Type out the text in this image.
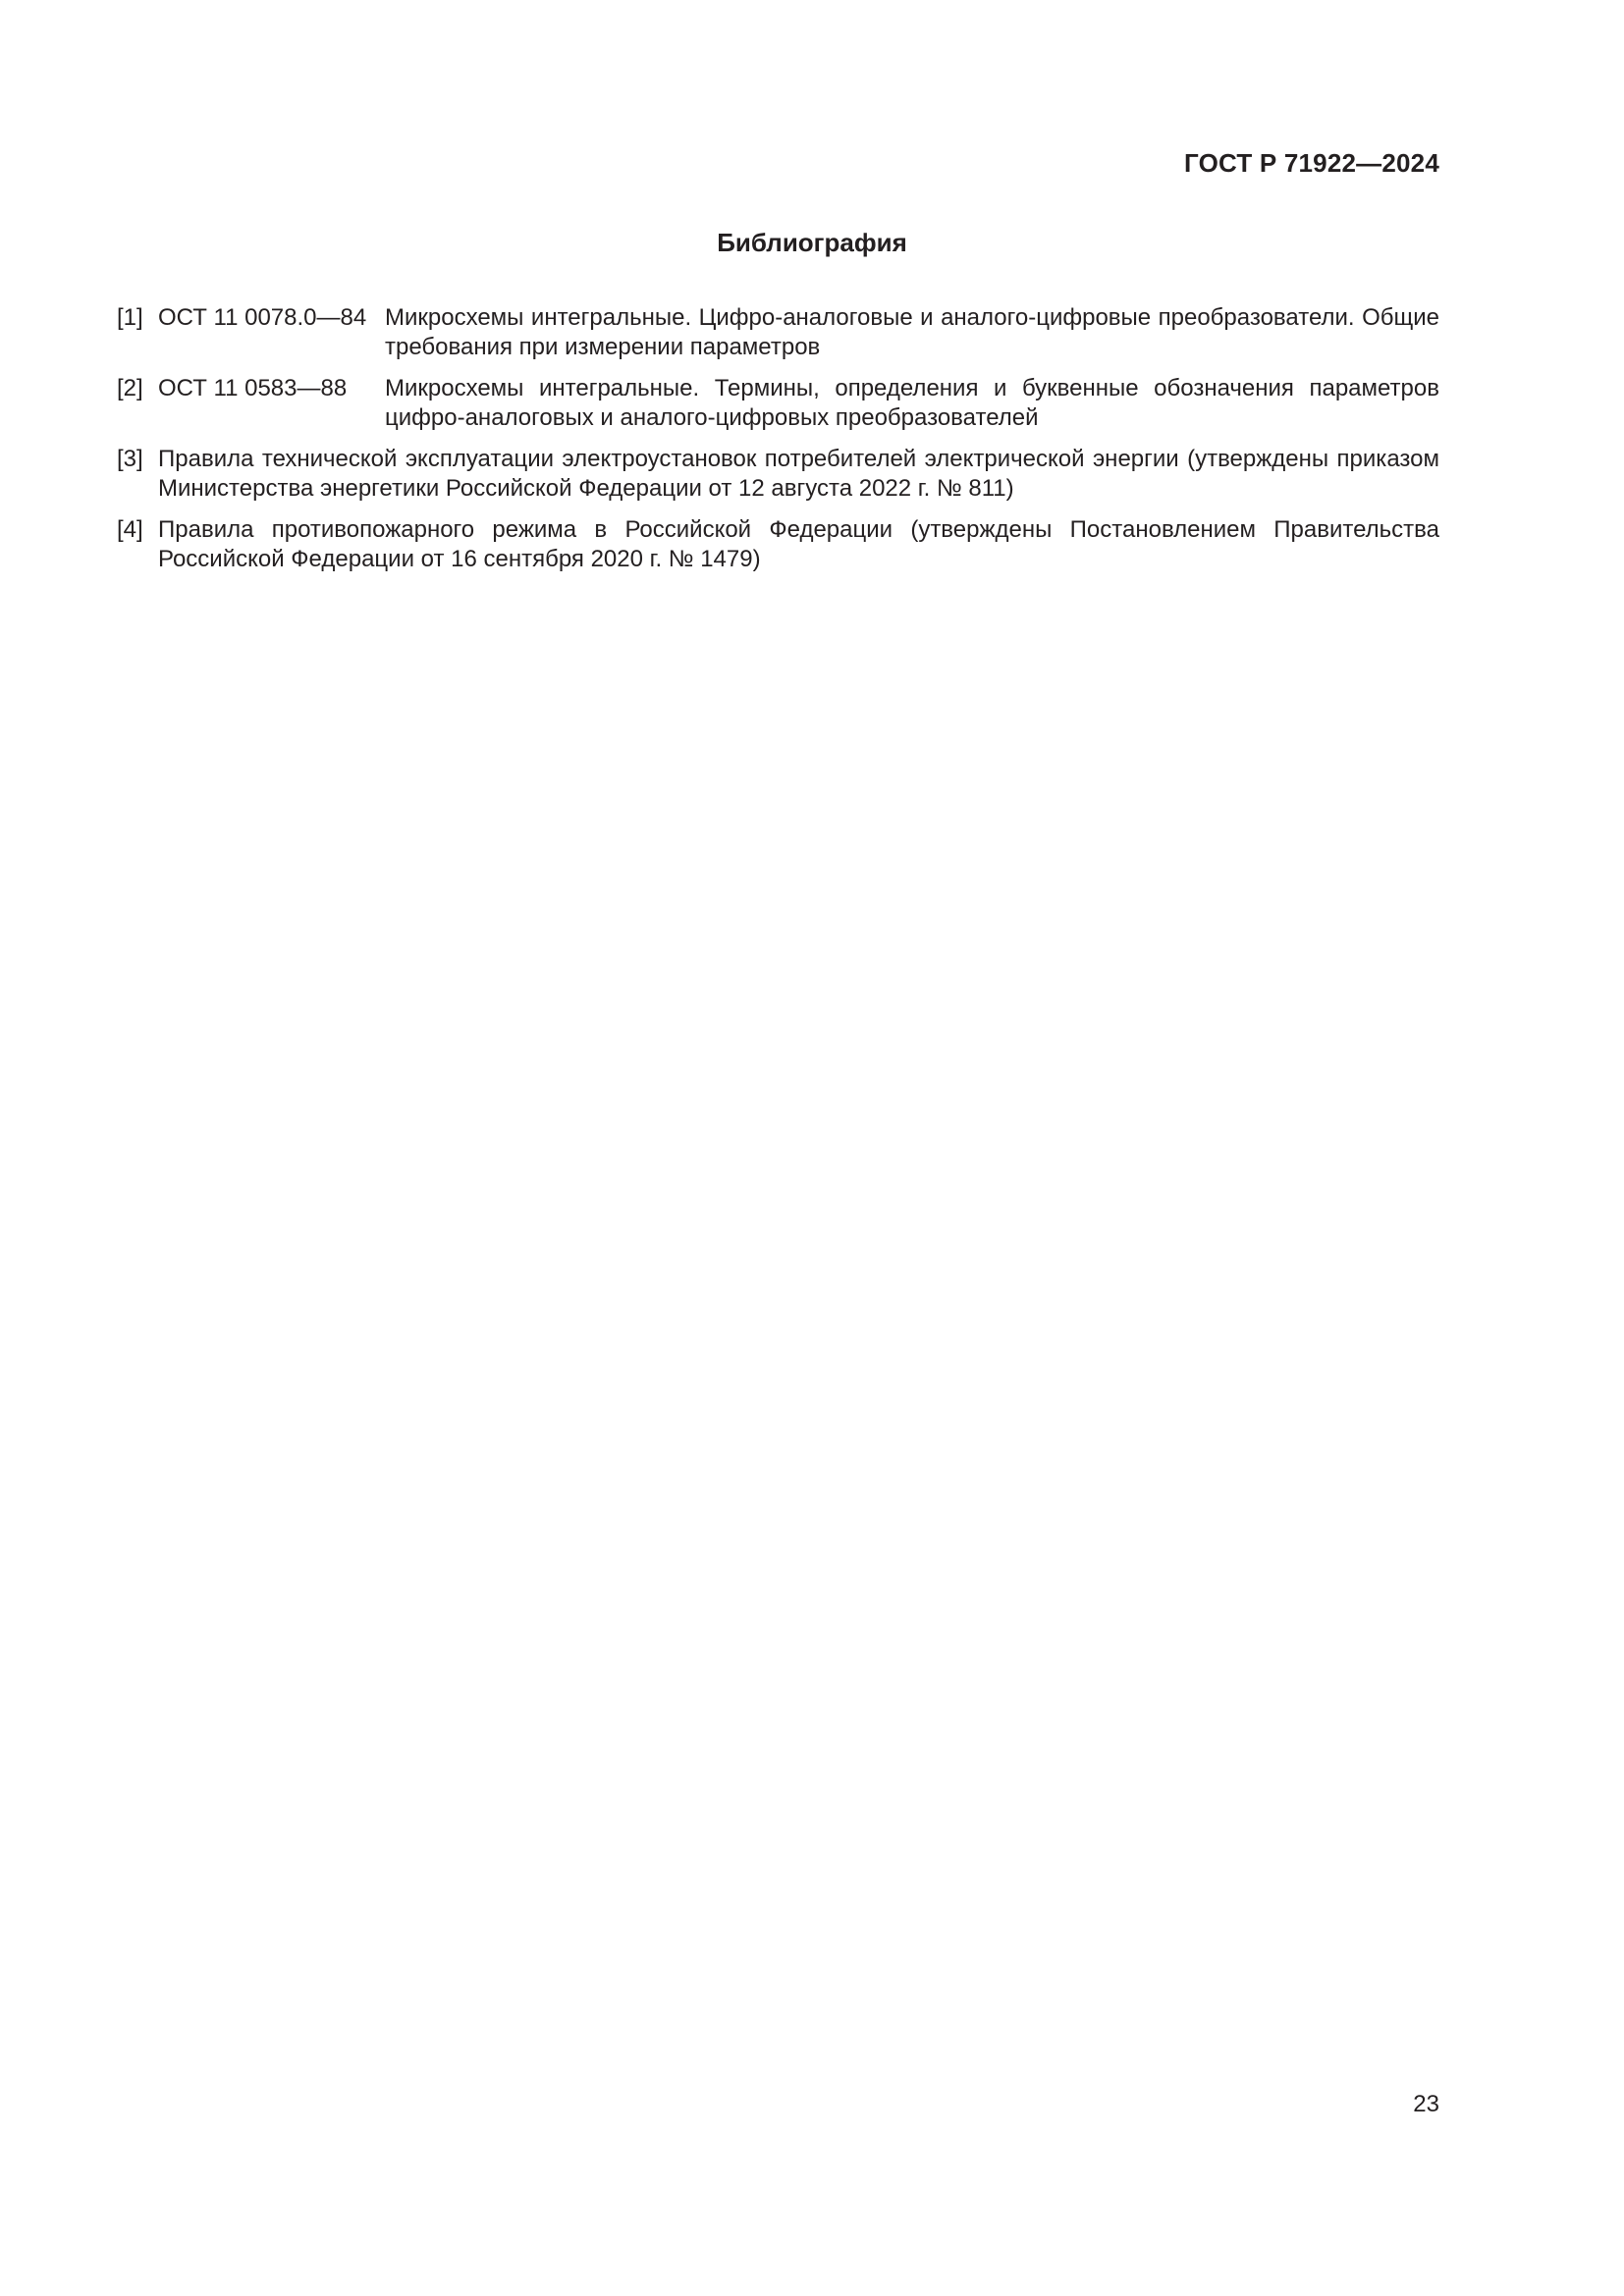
ГОСТ Р 71922—2024
Библиография
[1] ОСТ 11 0078.0—84 Микросхемы интегральные. Цифро-аналоговые и аналого-цифровые преобразователи. Общие требования при измерении параметров
[2] ОСТ 11 0583—88	Микросхемы интегральные. Термины, определения и буквенные обозначения параметров цифро-аналоговых и аналого-цифровых преобразователей
[3] Правила технической эксплуатации электроустановок потребителей электрической энергии (утверждены приказом Министерства энергетики Российской Федерации от 12 августа 2022 г. № 811)
[4] Правила противопожарного режима в Российской Федерации (утверждены Постановлением Правительства Российской Федерации от 16 сентября 2020 г. № 1479)
23
